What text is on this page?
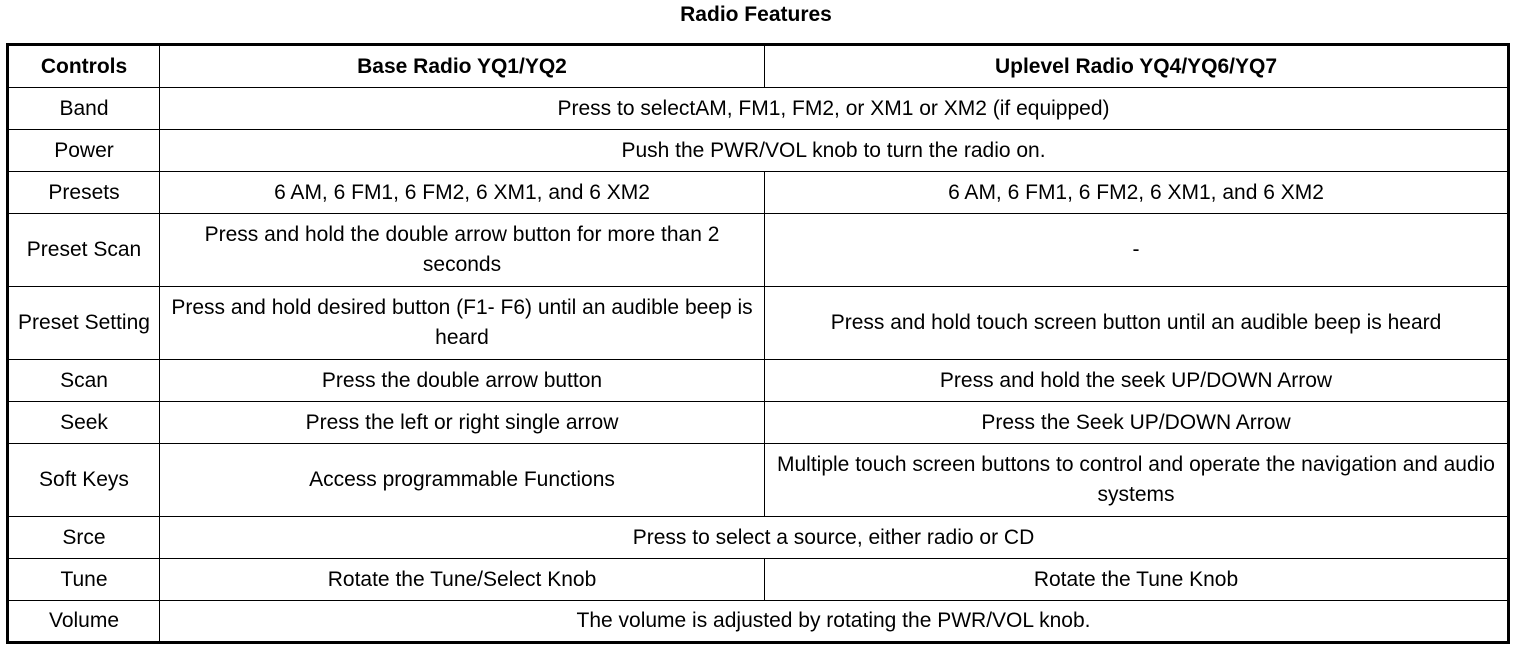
Radio Features
Controls	Base Radio YQ1/YQ2	Uplevel Radio YQ4/YQ6/YQ7
Band	Press to selectAM, FM1, FM2, or XM1 or XM2 (if equipped)	
Power	Push the PWR/VOL knob to turn the radio on.	
Presets	6 AM, 6 FM1, 6 FM2, 6 XM1, and 6 XM2	6 AM, 6 FM1, 6 FM2, 6 XM1, and 6 XM2
Preset Scan	Press and hold the double arrow button for more than 2 seconds	-
Preset Setting	Press and hold desired button (F1- F6) until an audible beep is heard	Press and hold touch screen button until an audible beep is heard
Scan	Press the double arrow button	Press and hold the seek UP/DOWN Arrow
Seek	Press the left or right single arrow	Press the Seek UP/DOWN Arrow
Soft Keys	Access programmable Functions	Multiple touch screen buttons to control and operate the navigation and audio systems
Srce	Press to select a source, either radio or CD	
Tune	Rotate the Tune/Select Knob	Rotate the Tune Knob
Volume	The volume is adjusted by rotating the PWR/VOL knob.	
